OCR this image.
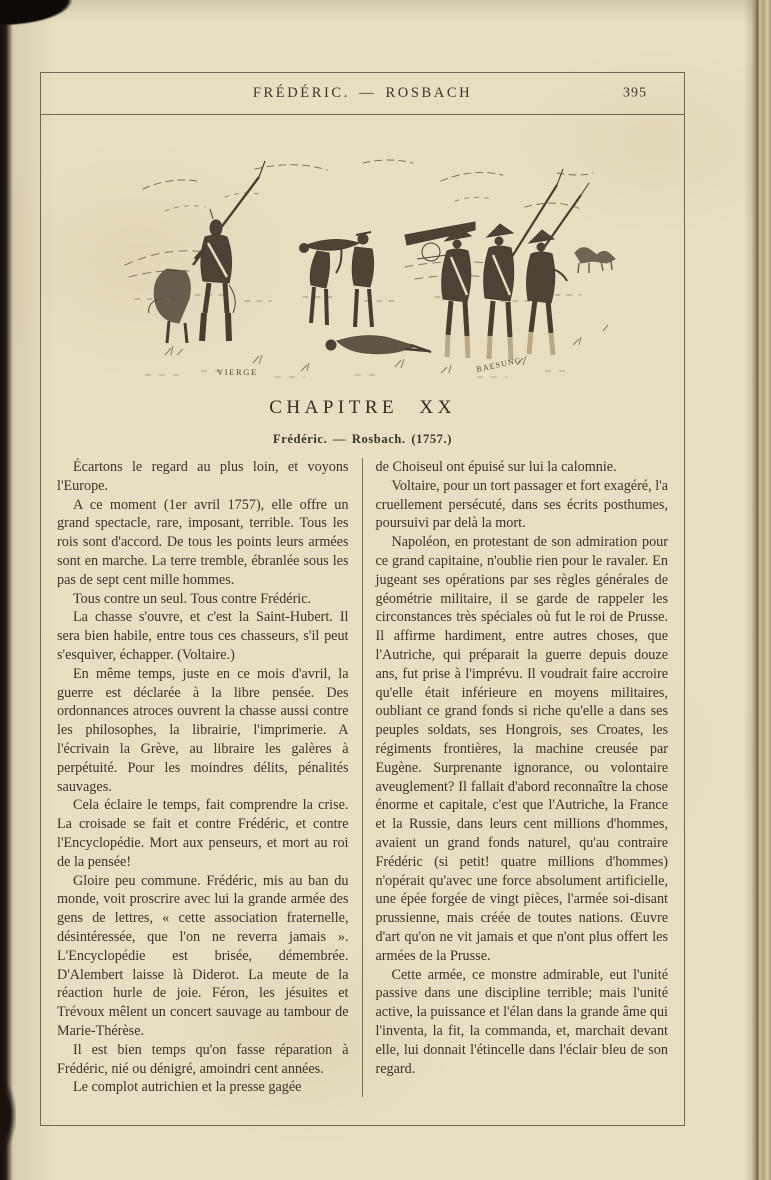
FRÉDÉRIC. — ROSBACH	395
VIERGE	BAESUNG
CHAPITRE XX
Frédéric. — Rosbach. (1757.)

Écartons le regard au plus loin, et voyons l'Europe.

A ce moment (1er avril 1757), elle offre un grand spectacle, rare, imposant, terrible. Tous les rois sont d'accord. De tous les points leurs armées sont en marche. La terre tremble, ébranlée sous les pas de sept cent mille hommes.

Tous contre un seul. Tous contre Frédéric.

La chasse s'ouvre, et c'est la Saint-Hubert. Il sera bien habile, entre tous ces chasseurs, s'il peut s'esquiver, échapper. (Voltaire.)

En même temps, juste en ce mois d'avril, la guerre est déclarée à la libre pensée. Des ordonnances atroces ouvrent la chasse aussi contre les philosophes, la librairie, l'imprimerie. A l'écrivain la Grève, au libraire les galères à perpétuité. Pour les moindres délits, pénalités sauvages.

Cela éclaire le temps, fait comprendre la crise. La croisade se fait et contre Frédéric, et contre l'Encyclopédie. Mort aux penseurs, et mort au roi de la pensée!

Gloire peu commune. Frédéric, mis au ban du monde, voit proscrire avec lui la grande armée des gens de lettres, « cette association fraternelle, désintéressée, que l'on ne reverra jamais ». L'Encyclopédie est brisée, démembrée. D'Alembert laisse là Diderot. La meute de la réaction hurle de joie. Féron, les jésuites et Trévoux mêlent un concert sauvage au tambour de Marie-Thérèse.

Il est bien temps qu'on fasse réparation à Frédéric, nié ou dénigré, amoindri cent années.

Le complot autrichien et la presse gagée

de Choiseul ont épuisé sur lui la calomnie.

Voltaire, pour un tort passager et fort exagéré, l'a cruellement persécuté, dans ses écrits posthumes, poursuivi par delà la mort.

Napoléon, en protestant de son admiration pour ce grand capitaine, n'oublie rien pour le ravaler. En jugeant ses opérations par ses règles générales de géométrie militaire, il se garde de rappeler les circonstances très spéciales où fut le roi de Prusse. Il affirme hardiment, entre autres choses, que l'Autriche, qui préparait la guerre depuis douze ans, fut prise à l'imprévu. Il voudrait faire accroire qu'elle était inférieure en moyens militaires, oubliant ce grand fonds si riche qu'elle a dans ses peuples soldats, ses Hongrois, ses Croates, les régiments frontières, la machine creusée par Eugène. Surprenante ignorance, ou volontaire aveuglement? Il fallait d'abord reconnaître la chose énorme et capitale, c'est que l'Autriche, la France et la Russie, dans leurs cent millions d'hommes, avaient un grand fonds naturel, qu'au contraire Frédéric (si petit! quatre millions d'hommes) n'opérait qu'avec une force absolument artificielle, une épée forgée de vingt pièces, l'armée soi-disant prussienne, mais créée de toutes nations. Œuvre d'art qu'on ne vit jamais et que n'ont plus offert les armées de la Prusse.

Cette armée, ce monstre admirable, eut l'unité passive dans une discipline terrible; mais l'unité active, la puissance et l'élan dans la grande âme qui l'inventa, la fit, la commanda, et, marchait devant elle, lui donnait l'étincelle dans l'éclair bleu de son regard.
